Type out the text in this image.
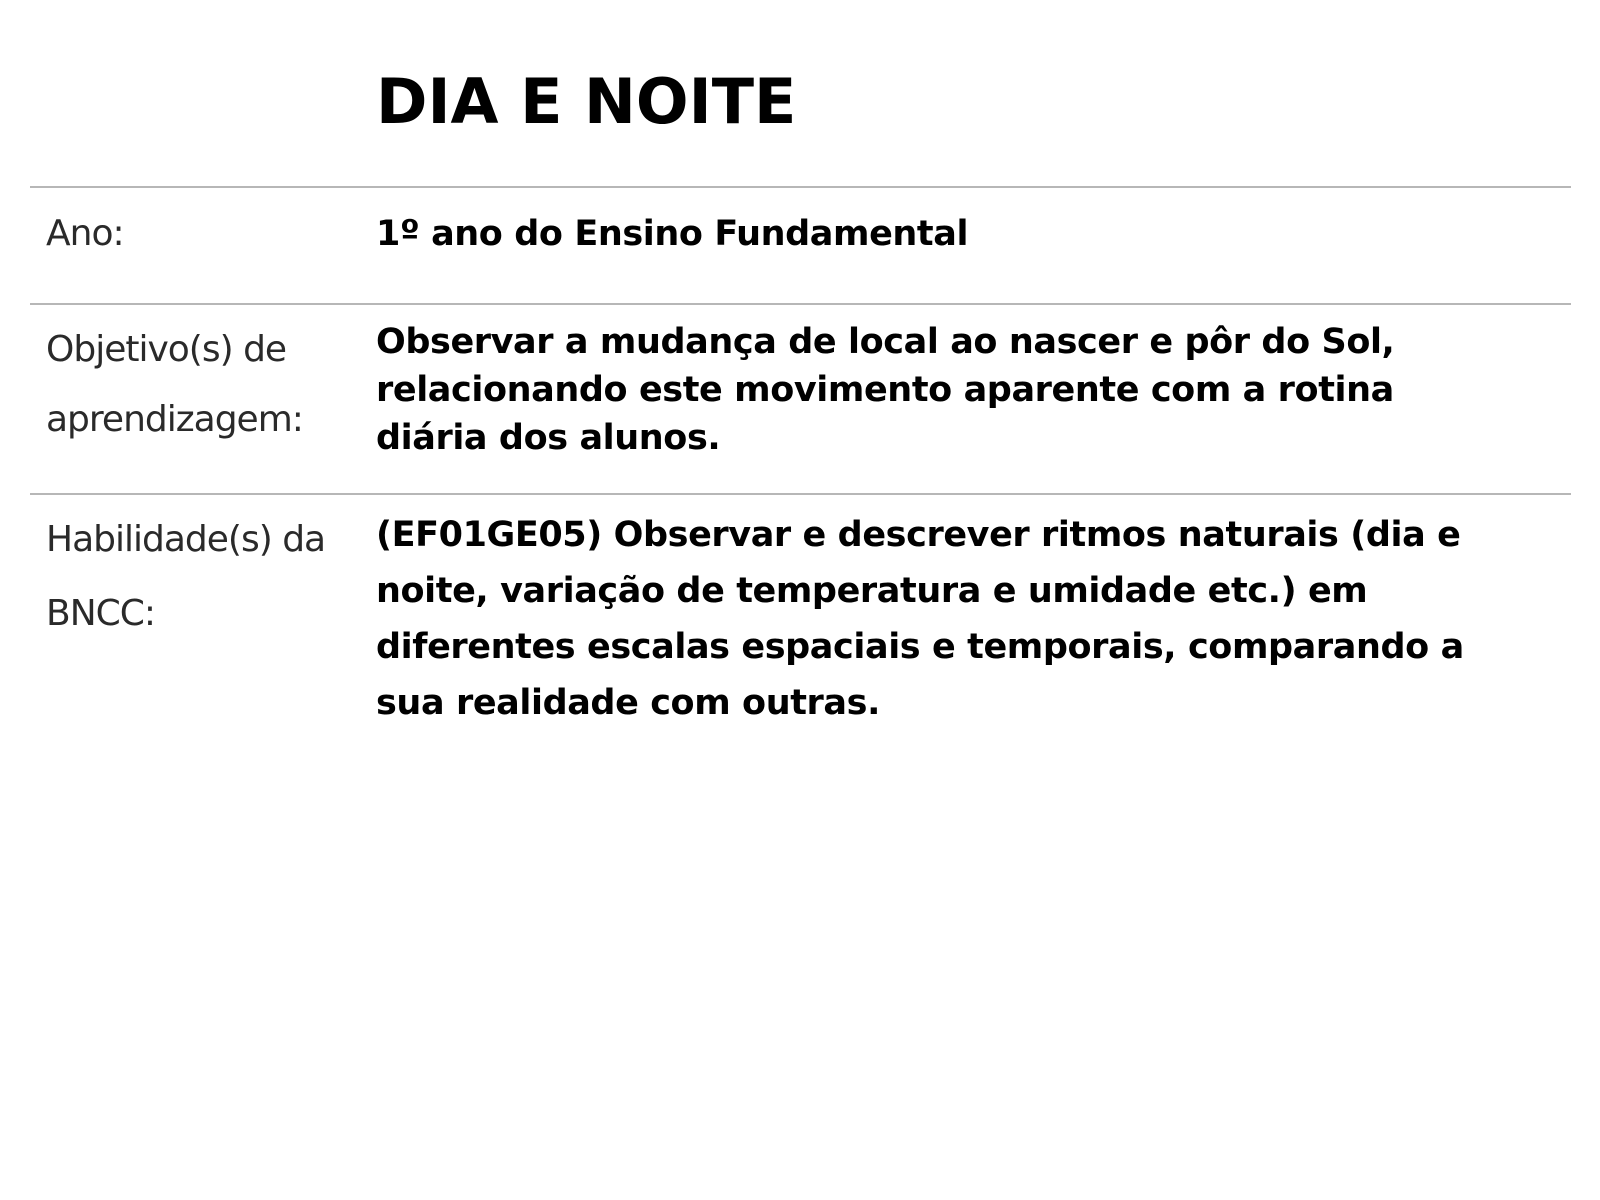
DIA E NOITE

Ano:	1º ano do Ensino Fundamental

Objetivo(s) de aprendizagem:

Observar a mudança de local ao nascer e pôr do Sol, relacionando este movimento aparente com a rotina diária dos alunos.

Habilidade(s) da BNCC:

(EF01GE05) Observar e descrever ritmos naturais (dia e noite, variação de temperatura e umidade etc.) em diferentes escalas espaciais e temporais, comparando a sua realidade com outras.
